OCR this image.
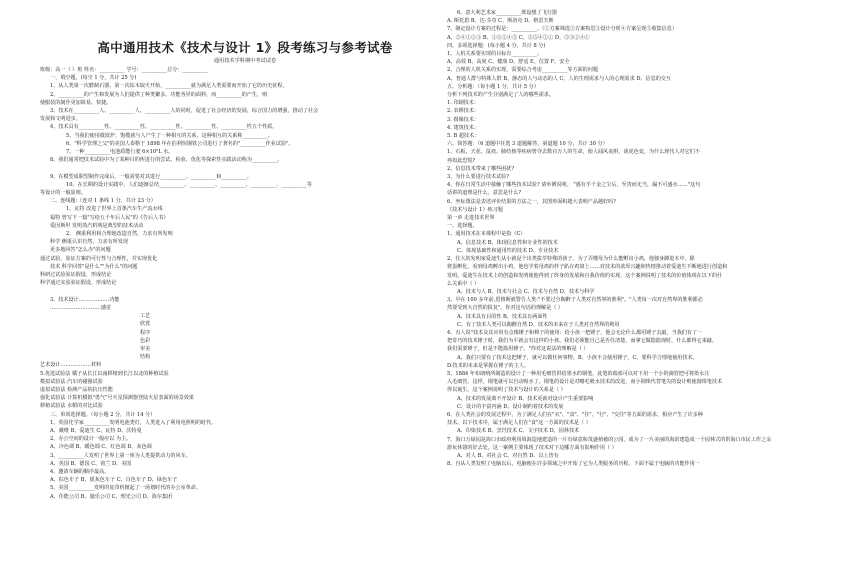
高中通用技术《技术与设计 1》段考练习与参考试卷
通用技术学科期中考试试卷
班级：高一（ ）班 姓名：__________ 学号：__________总分：__________
一、填空题。(每空 1 分，共计 25 分)
1、从人类第一次磨制石器、第一次钻木取火开始，__________就为满足人类需要而开始了它的历史征程。
2、__________的产生和发展为人们提供了种类繁多、功能各异的面料，而__________的产生，则
使服装的制作更加简易、快捷。
3、技术在__________人、__________人、__________人的同时，促进了社会经济的发展、综合国力的增强，推动了社会
发展和文明进步。
4、技术具有__________性、__________性、__________性、__________性、__________性五个性质。
5、当我们使用微波炉，饱揽就与人产生了一种相互的关系，这种相互的关系称__________。
6、"科学管理之父"的美国人泰勒于 1898 年在伯利恒钢铁公司进行了著名的"__________作业试验"。
7、一种__________电池质能行驶 6×10⁵L 水。
8、我们通常把技术试验中为了某种目的所进行的尝试、检验、优化等探索性实践活动称为__________。

9、在模型成职型制作完成后，一般需要对其进行__________、__________和__________。
10、在长期的设计实践中，人们逐渐总结__________、__________、__________、__________、__________等
等设计的一般原则。
二、连线题:（连对 1 条线 1 分，共计 23 分）
1、瓦特 改进了世界上首条汽车生产流水线
福特 曾写下一篇"写给五千年后人民"的《告后人书》
爱因斯坦 发明蒸汽机明是典型的技术活动
2、 侧重利用和合理地改造自然，力求有所发明
科学 侧重认识自然，力求有所发现
更多地回答"怎么办"的问题
通过试验，验证方案的可行性与合理性，并实现优化
技术 科学回答"是什么""为什么"的问题
科研过试验验证假设，形成结论
科学通过实验验证假设，形成结论

3、技术设计………………功能
…………………………感觉
工艺
欣赏
程序
色彩
审美
结构
艺术设计………………材料
5.优选试验法 橘子从长江以南移植到长江以北的种植试验
模拟试验法 汽车的碰撞试验
虚拟试验法 检测产品的抗压性能
强化试验法 计算机模拟"勇气"号火星探测器登陆火星表面的场景效果
移植试验法 水稻的对比试验
三、单项选择题。（每小题 2 分，共计 14 分）
1、英国化学家__________发明电池类灯，人类进入了利用电照明的时代。
A、戴维 B、爱迪生 C、瓦特 D、沃特曼
2、办公空间的设计一般应以 为主。
A、冷色调 B、暖色调 C、红色调 D、灰色调
3、__________人发明了世界上第一座为人类提供动力的风车。
A、英国 B、德国 C、荷兰 D、美国
4、邀请车辆的顺序最高。
A、棕色车子 B、银灰色车子 C、白色车子 D、绿色车子
5、美国__________发明的复印机掀起了一场划时代的办公室革命。
A、佳能公司 B、施乐公司 C、理光公司 D、海尔集团
6、意大利艺术家__________既设想了飞行器
A. 斯托恩 B、达·芬奇 C、斯洛克 D、格雷夫斯
7、制定设计方案的过程是：__________。（①方案筛选②方案构思③设计分析④方案呈现⑤收集信息）
A、⑤④①②③ B、①③②④⑤ C、③⑤④②① D、⑤③②④①
四、多项选择题：(每小题 4 分，共计 8 分)
1、人机关系要实现的目标有__________。
A、高效 B、高度 C、健康 D、舒适 E、位置 F、安全
2、合理的人机关系的实现，需要综合考虑__________等方面的问题
A、普通人群与特殊人群 B、静态的人与动态的人 C、人的生理需求与人的心理需求 D、信息的交互
五、分析题：（每小题 1 分，共计 5 分）
分析下列技术的产生分别满足了人的哪些需求。
1. 印刷技术：
2. 农耕技术：
3. 摄像技术：
4. 建筑技术：
5. B 超技术：
六、简答题：（6 道题中任选 3 道题解答，第道题 10 分，共计 30 分）
1、石板、天花、鼠疫、肺结核等疾病曾夺去数百万人的生命，使人闻风丧胆，谈虎色变。为什么现代人对它们不
再如此恐慌?
2、信息技术带来了哪些困扰?
3、为什么要进行技术试验?
4、你在日常生活中接触了哪些技术试验? 请举例说明。 "惑有手千金之宝后，至贵而无当，漏不可盛水……"这句
话讲的道理是什么，意思是什么?
6、坐标图法是表述评价结果的方法之一，其图形面积越大表明产品越好吗?
《技术与设计 1》练习题
第一章 走进技术世界
一、选择题。
1、通用技术在本课程中是指（C）
A、信息技术 B、体现信息性和专业性的技术
C、体现基础性和通用性的技术 D、专业技术
2、住大的发明家爱迪生从小就是个出类拔萃特殊的孩子。为了弄懂母为什么能孵出小鸡，他独身蹲进木中，除
将蛋孵化，看到母鸡孵出小鸡，他也学着母鸡的样子趴在鸡窝上……对技术的浓厚兴趣和热情推动着爱迪生不断地进行创造和
发明。爱迪生在技术上的创造和发明使他得到了终身的发展和自我价值的实现，这个案例说明了技术的价值体现在以下的什
么关系中（ ）
A、技术与人 B、技术与社会 C、技术与自然 D、技术与科学
3、早在 100 多年前,恩格斯就警告人类:"不要过分陶醉于人类对自然界的胜利"。"人类每一次对自然界的胜利都必
然要受到大自然的报复"。你对这句话的理解是（ ）
A、技术具有目的性 B、技术具有两面性
C、有了技术人类可以陶醉自然 D、技术的未来在于人类对自然界的利用
4、有人说"技术及其应用有点像锤子和棒子的使用：给小孩一把锤子，他会无论什么都用锤子去敲，当我们有了一
把奇巧的技术锤子时，我们为平就会有这样的小孩。我们必须能自己是否住清楚，而拿它做隐隐现时，什么都得它来敲。
我们需要锤子，但是不能滥用锤子。"你对这说法的理解是（ ）
A、我们只要有了技术这把锤子，就可以做任何事物。B、小孩不会使用锤子，C、要科学合理地使用技术。
D.技术的未来是掌握在锤子的主人。
5、1884 年布朗纳所制造的设计了一种用毛细管供给墨水的钢笔，此笔的端部可以对下用一个小的滴管把可将墨水注
入毛细管。这样，钢笔就可以自动吸水了。钢笔的设计是对略毛吸水技术的改进，而小钢珠代替笔尖的设计则使圆珠笔技术
得以诞生。这个案例说明了技术与设计的关系是（ ）
A、技术的发展离不开设计 B、技术更新对设计产生重要影响
C、设计的丰富内涵 D、设计制约着技术的发展
6、在人类社会的发展过程中，为了满足人们在"衣"、"食"、"住"、"行"、"交往"等方面的需求，相应产生了许多种
技术。以下技术中，属于满足人们在"食"这一方面的技术是（ ）
A、印染技术 B、烹饪技术 C、文字技术 D、园林技术
7、海口万绿园是海口市政府利用填海造地建造的一片有绿意和茂盛植被的公园，成为了一片美丽的海滨建造成一个园林式的供海口市民工作之余
游玩休憩的好去处。这一案例主要体现了技术对下边哪方面有影响作用（ ）
A、对人 B、对社会 C、对自然 D、以上皆有
8、自从人类发明了电脑以后，电脑便在许多领域之中开始了它为人类服务的历程。下面不属于电脑的功能作用一
